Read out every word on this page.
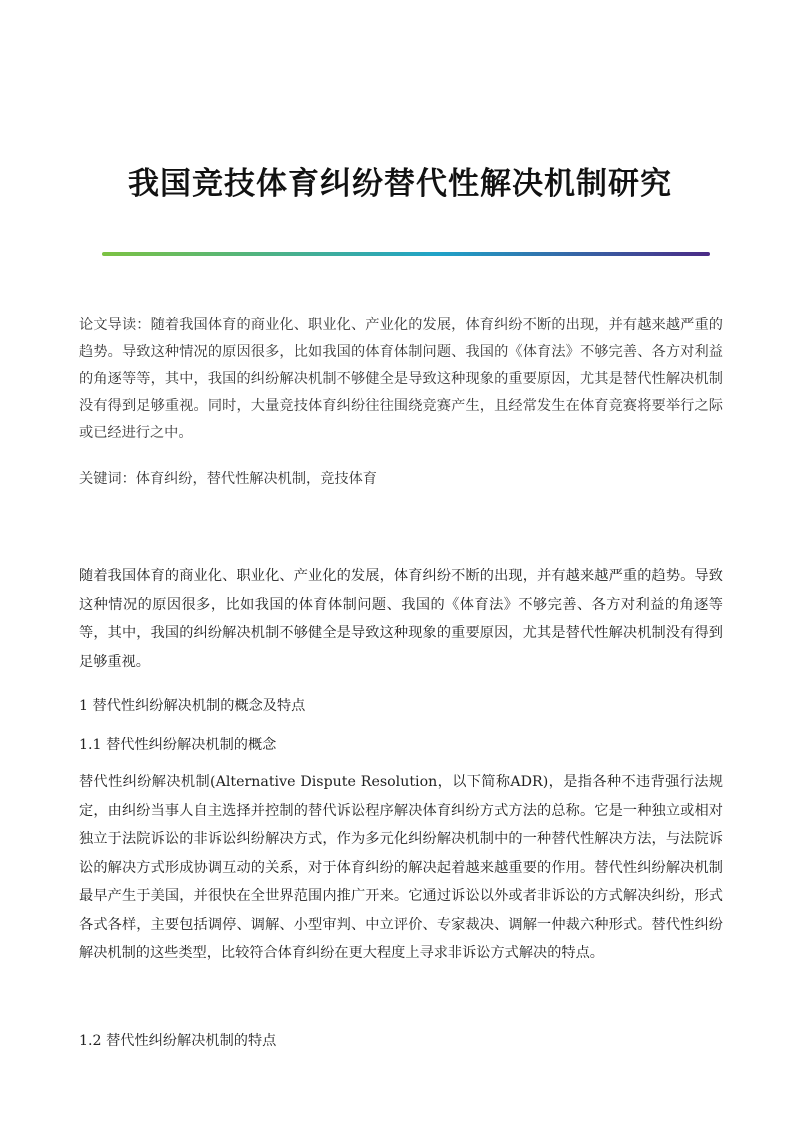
我国竞技体育纠纷替代性解决机制研究

论文导读：随着我国体育的商业化、职业化、产业化的发展，体育纠纷不断的出现，并有越来越严重的趋势。导致这种情况的原因很多，比如我国的体育体制问题、我国的《体育法》不够完善、各方对利益的角逐等等，其中，我国的纠纷解决机制不够健全是导致这种现象的重要原因，尤其是替代性解决机制没有得到足够重视。同时，大量竞技体育纠纷往往围绕竞赛产生，且经常发生在体育竞赛将要举行之际或已经进行之中。

关键词：体育纠纷，替代性解决机制，竞技体育

随着我国体育的商业化、职业化、产业化的发展，体育纠纷不断的出现，并有越来越严重的趋势。导致这种情况的原因很多，比如我国的体育体制问题、我国的《体育法》不够完善、各方对利益的角逐等等，其中，我国的纠纷解决机制不够健全是导致这种现象的重要原因，尤其是替代性解决机制没有得到足够重视。

1 替代性纠纷解决机制的概念及特点

1.1 替代性纠纷解决机制的概念

替代性纠纷解决机制(Alternative Dispute Resolution，以下简称ADR)，是指各种不违背强行法规定，由纠纷当事人自主选择并控制的替代诉讼程序解决体育纠纷方式方法的总称。它是一种独立或相对独立于法院诉讼的非诉讼纠纷解决方式，作为多元化纠纷解决机制中的一种替代性解决方法，与法院诉讼的解决方式形成协调互动的关系，对于体育纠纷的解决起着越来越重要的作用。替代性纠纷解决机制最早产生于美国，并很快在全世界范围内推广开来。它通过诉讼以外或者非诉讼的方式解决纠纷，形式各式各样，主要包括调停、调解、小型审判、中立评价、专家裁决、调解一仲裁六种形式。替代性纠纷解决机制的这些类型，比较符合体育纠纷在更大程度上寻求非诉讼方式解决的特点。

1.2 替代性纠纷解决机制的特点
